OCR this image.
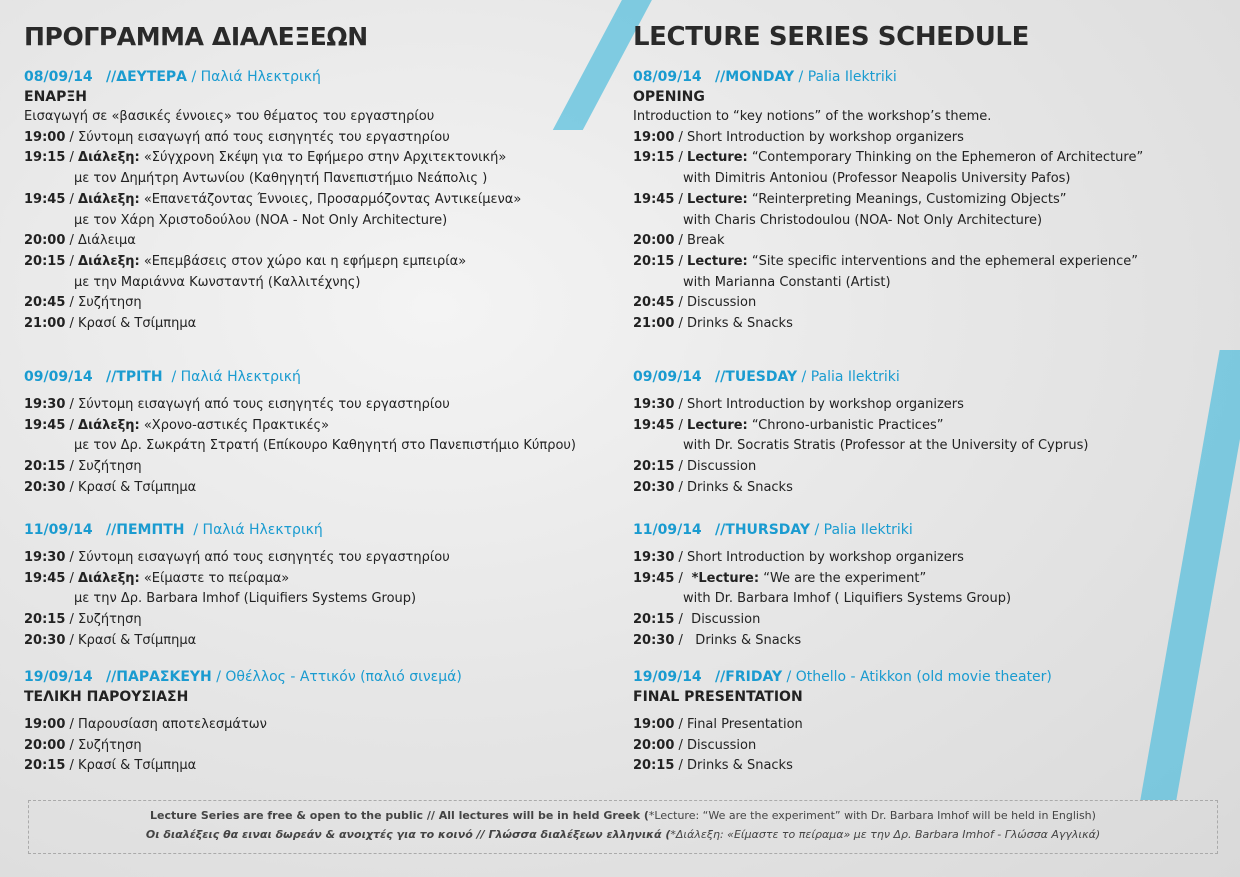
ΠΡΟΓΡΑΜΜΑ ΔΙΑΛΕΞΕΩΝ
08/09/14 //ΔΕΥΤΕΡΑ / Παλιά Ηλεκτρική
ΕΝΑΡΞΗ
Εισαγωγή σε «βασικές έννοιες» του θέματος του εργαστηρίου
19:00 / Σύντομη εισαγωγή από τους εισηγητές του εργαστηρίου
19:15 / Διάλεξη: «Σύγχρονη Σκέψη για το Εφήμερο στην Αρχιτεκτονική»
με τον Δημήτρη Αντωνίου (Καθηγητή Πανεπιστήμιο Νεάπολις )
19:45 / Διάλεξη: «Επανετάζοντας Έννοιες, Προσαρμόζοντας Αντικείμενα»
με τον Χάρη Χριστοδούλου (NOA - Not Only Architecture)
20:00 / Διάλειμα
20:15 / Διάλεξη: «Επεμβάσεις στον χώρο και η εφήμερη εμπειρία»
με την Μαριάννα Κωνσταντή (Καλλιτέχνης)
20:45 / Συζήτηση
21:00 / Κρασί & Τσίμπημα
09/09/14 //ΤΡΙΤΗ  / Παλιά Ηλεκτρική
19:30 / Σύντομη εισαγωγή από τους εισηγητές του εργαστηρίου
19:45 / Διάλεξη: «Χρονο-αστικές Πρακτικές»
με τον Δρ. Σωκράτη Στρατή (Επίκουρο Καθηγητή στο Πανεπιστήμιο Κύπρου)
20:15 / Συζήτηση
20:30 / Κρασί & Τσίμπημα
11/09/14 //ΠΕΜΠΤΗ  / Παλιά Ηλεκτρική
19:30 / Σύντομη εισαγωγή από τους εισηγητές του εργαστηρίου
19:45 / Διάλεξη: «Είμαστε το πείραμα»
με την Δρ. Barbara Imhof (Liquifiers Systems Group)
20:15 / Συζήτηση
20:30 / Κρασί & Τσίμπημα
19/09/14 //ΠΑΡΑΣΚΕΥΗ / Οθέλλος - Αττικόν (παλιό σινεμά)
ΤΕΛΙΚΗ ΠΑΡΟΥΣΙΑΣΗ
19:00 / Παρουσίαση αποτελεσμάτων
20:00 / Συζήτηση
20:15 / Κρασί & Τσίμπημα
LECTURE SERIES SCHEDULE
08/09/14 //MONDAY / Palia Ilektriki
OPENING
Introduction to “key notions” of the workshop’s theme.
19:00 / Short Introduction by workshop organizers
19:15 / Lecture: “Contemporary Thinking on the Ephemeron of Architecture”
with Dimitris Antoniou (Professor Neapolis University Pafos)
19:45 / Lecture: “Reinterpreting Meanings, Customizing Objects”
with Charis Christodoulou (NOA- Not Only Architecture)
20:00 / Break
20:15 / Lecture: “Site specific interventions and the ephemeral experience”
with Marianna Constanti (Artist)
20:45 / Discussion
21:00 / Drinks & Snacks
09/09/14 //TUESDAY / Palia Ilektriki
19:30 / Short Introduction by workshop organizers
19:45 / Lecture: “Chrono-urbanistic Practices”
with Dr. Socratis Stratis (Professor at the University of Cyprus)
20:15 / Discussion
20:30 / Drinks & Snacks
11/09/14 //THURSDAY / Palia Ilektriki
19:30 / Short Introduction by workshop organizers
19:45 /  *Lecture: “We are the experiment”
with Dr. Barbara Imhof ( Liquifiers Systems Group)
20:15 /  Discussion
20:30 /   Drinks & Snacks
19/09/14 //FRIDAY / Othello - Atikkon (old movie theater)
FINAL PRESENTATION
19:00 / Final Presentation
20:00 / Discussion
20:15 / Drinks & Snacks
Lecture Series are free & open to the public // All lectures will be in held Greek (*Lecture: “We are the experiment” with Dr. Barbara Imhof will be held in English)
Οι διαλέξεις θα ειναι δωρεάν & ανοιχτές για το κοινό // Γλώσσα διαλέξεων ελληνικά (*Διάλεξη: «Είμαστε το πείραμα» με την Δρ. Barbara Imhof - Γλώσσα Αγγλικά)
